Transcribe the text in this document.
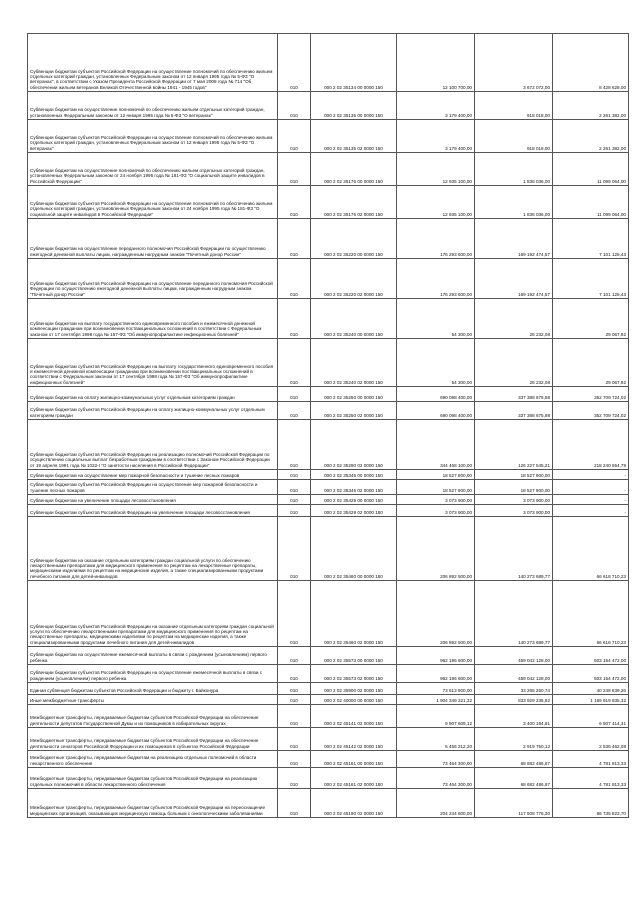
Субвенции бюджетам субъектов Российской Федерации на осуществление полномочий по обеспечению жильем отдельных категорий граждан, установленных Федеральным законом от 12 января 1995 года № 5-ФЗ "О ветеранах", в соответствии с Указом Президента Российской Федерации от 7 мая 2008 года № 714 "Об обеспечении жильем ветеранов Великой Отечественной войны 1941 - 1945 годов"	010	000 2 02 35134 00 0000 150	12 100 700,00	3 672 072,00	8 428 628,00
Субвенции бюджетам на осуществление полномочий по обеспечению жильем отдельных категорий граждан, установленных Федеральным законом от 12 января 1995 года № 5-ФЗ "О ветеранах"	010	000 2 02 35135 00 0000 150	3 179 400,00	918 018,00	2 261 382,00
Субвенции бюджетам субъектов Российской Федерации на осуществление полномочий по обеспечению жильем отдельных категорий граждан, установленных Федеральным законом от 12 января 1995 года № 5-ФЗ "О ветеранах"	010	000 2 02 35135 02 0000 150	3 179 400,00	918 018,00	2 261 382,00
Субвенции бюджетам на осуществление полномочий по обеспечению жильем отдельных категорий граждан, установленных Федеральным законом от 24 ноября 1995 года № 181-ФЗ "О социальной защите инвалидов в Российской Федерации"	010	000 2 02 35176 00 0000 150	12 935 100,00	1 836 036,00	11 099 064,00
Субвенции бюджетам субъектов Российской Федерации на осуществление полномочий по обеспечению жильем отдельных категорий граждан, установленных Федеральным законом от 24 ноября 1995 года № 181-ФЗ "О социальной защите инвалидов в Российской Федерации"	010	000 2 02 35176 02 0000 150	12 935 100,00	1 836 036,00	11 099 064,00
Субвенции бюджетам на осуществление переданного полномочия Российской Федерации по осуществлению ежегодной денежной выплаты лицам, награжденным нагрудным знаком "Почетный донор России"	010	000 2 02 35220 00 0000 150	176 293 600,00	169 192 474,57	7 101 125,43
Субвенции бюджетам субъектов Российской Федерации на осуществление переданного полномочия Российской Федерации по осуществлению ежегодной денежной выплаты лицам, награжденным нагрудным знаком "Почетный донор России"	010	000 2 02 35220 02 0000 150	176 293 600,00	169 192 474,57	7 101 125,43
Субвенции бюджетам на выплату государственного единовременного пособия и ежемесячной денежной компенсации гражданам при возникновении поствакцинальных осложнений в соответствии с Федеральным законом от 17 сентября 1998 года № 157-ФЗ "Об иммунопрофилактике инфекционных болезней"	010	000 2 02 35240 00 0000 150	54 300,00	25 232,08	29 067,92
Субвенции бюджетам субъектов Российской Федерации на выплату государственного единовременного пособия и ежемесячной денежной компенсации гражданам при возникновении поствакцинальных осложнений в соответствии с Федеральным законом от 17 сентября 1998 года № 157-ФЗ "Об иммунопрофилактике инфекционных болезней"	010	000 2 02 35240 02 0000 150	54 300,00	25 232,08	29 067,92
Субвенции бюджетам на оплату жилищно-коммунальных услуг отдельным категориям граждан	010	000 2 02 35250 00 0000 150	690 098 400,00	337 388 675,98	352 709 724,02
Субвенции бюджетам субъектов Российской Федерации на оплату жилищно-коммунальных услуг отдельным категориям граждан	010	000 2 02 35250 02 0000 150	690 098 400,00	337 388 675,98	352 709 724,02
Субвенции бюджетам субъектов Российской Федерации на реализацию полномочий Российской Федерации по осуществлению социальных выплат безработным гражданам в соответствии с Законом Российской Федерации от 19 апреля 1991 года № 1032-I "О занятости населения в Российской Федерации"	010	000 2 02 35290 02 0000 150	344 468 100,00	126 227 545,21	218 240 554,79
Субвенции бюджетам на осуществление мер пожарной безопасности и тушение лесных пожаров	010	000 2 02 35345 00 0000 150	18 527 900,00	18 527 900,00	-
Субвенции бюджетам субъектов Российской Федерации на осуществление мер пожарной безопасности и тушение лесных пожаров	010	000 2 02 35345 02 0000 150	18 527 900,00	18 527 900,00	-
Субвенции бюджетам на увеличение площади лесовосстановления	010	000 2 02 35429 00 0000 150	3 073 900,00	3 073 900,00	-
Субвенции бюджетам субъектов Российской Федерации на увеличение площади лесовосстановления	010	000 2 02 35429 02 0000 150	3 073 900,00	3 073 900,00	-
Субвенции бюджетам на оказание отдельным категориям граждан социальной услуги по обеспечению лекарственными препаратами для медицинского применения по рецептам на лекарственные препараты, медицинскими изделиями по рецептам на медицинские изделия, а также специализированными продуктами лечебного питания для детей-инвалидов	010	000 2 02 35460 00 0000 150	206 892 500,00	140 273 689,77	66 618 710,23
Субвенции бюджетам субъектов Российской Федерации на оказание отдельным категориям граждан социальной услуги по обеспечению лекарственными препаратами для медицинского применения по рецептам на лекарственные препараты, медицинскими изделиями по рецептам на медицинские изделия, а также специализированными продуктами лечебного питания для детей-инвалидов	010	000 2 02 35460 02 0000 150	206 892 500,00	140 273 689,77	66 618 710,23
Субвенции бюджетам на осуществление ежемесячной выплаты в связи с рождением (усыновлением) первого ребенка	010	000 2 02 35573 00 0000 150	962 196 600,00	459 042 128,00	503 154 472,00
Субвенции бюджетам субъектов Российской Федерации на осуществление ежемесячной выплаты в связи с рождением (усыновлением) первого ребенка	010	000 2 02 35573 02 0000 150	962 196 600,00	459 042 128,00	503 154 472,00
Единая субвенция бюджетам субъектов Российской Федерации и бюджету г. Байконура	010	000 2 02 35900 02 0000 150	73 513 900,00	33 265 260,74	40 248 639,26
Иные межбюджетные трансферты	010	000 2 02 40000 00 0000 150	1 904 349 221,32	833 929 235,82	1 169 919 835,32
Межбюджетные трансферты, передаваемые бюджетам субъектов Российской Федерации на обеспечение деятельности депутатов Государственной Думы и их помощников в избирательных округах	010	000 2 02 45141 02 0000 150	9 907 609,12	3 400 194,81	6 507 414,31
Межбюджетные трансферты, передаваемые бюджетам субъектов Российской Федерации на обеспечение деятельности сенаторов Российской Федерации и их помощников в субъектах Российской Федерации	010	000 2 02 45142 02 0000 150	5 456 212,20	2 919 750,12	2 536 462,08
Межбюджетные трансферты, передаваемые бюджетам на реализацию отдельных полномочий в области лекарственного обеспечения	010	000 2 02 45161 00 0000 150	73 464 300,00	68 682 486,67	4 781 813,33
Межбюджетные трансферты, передаваемые бюджетам субъектов Российской Федерации на реализацию отдельных полномочий в области лекарственного обеспечения	010	000 2 02 45161 02 0000 150	73 464 300,00	68 682 486,67	4 781 813,33
Межбюджетные трансферты, передаваемые бюджетам субъектов Российской Федерации на переоснащение медицинских организаций, оказывающих медицинскую помощь больным с онкологическими заболеваниями	010	000 2 02 45190 02 0000 150	204 244 600,00	117 508 776,30	86 735 823,70
